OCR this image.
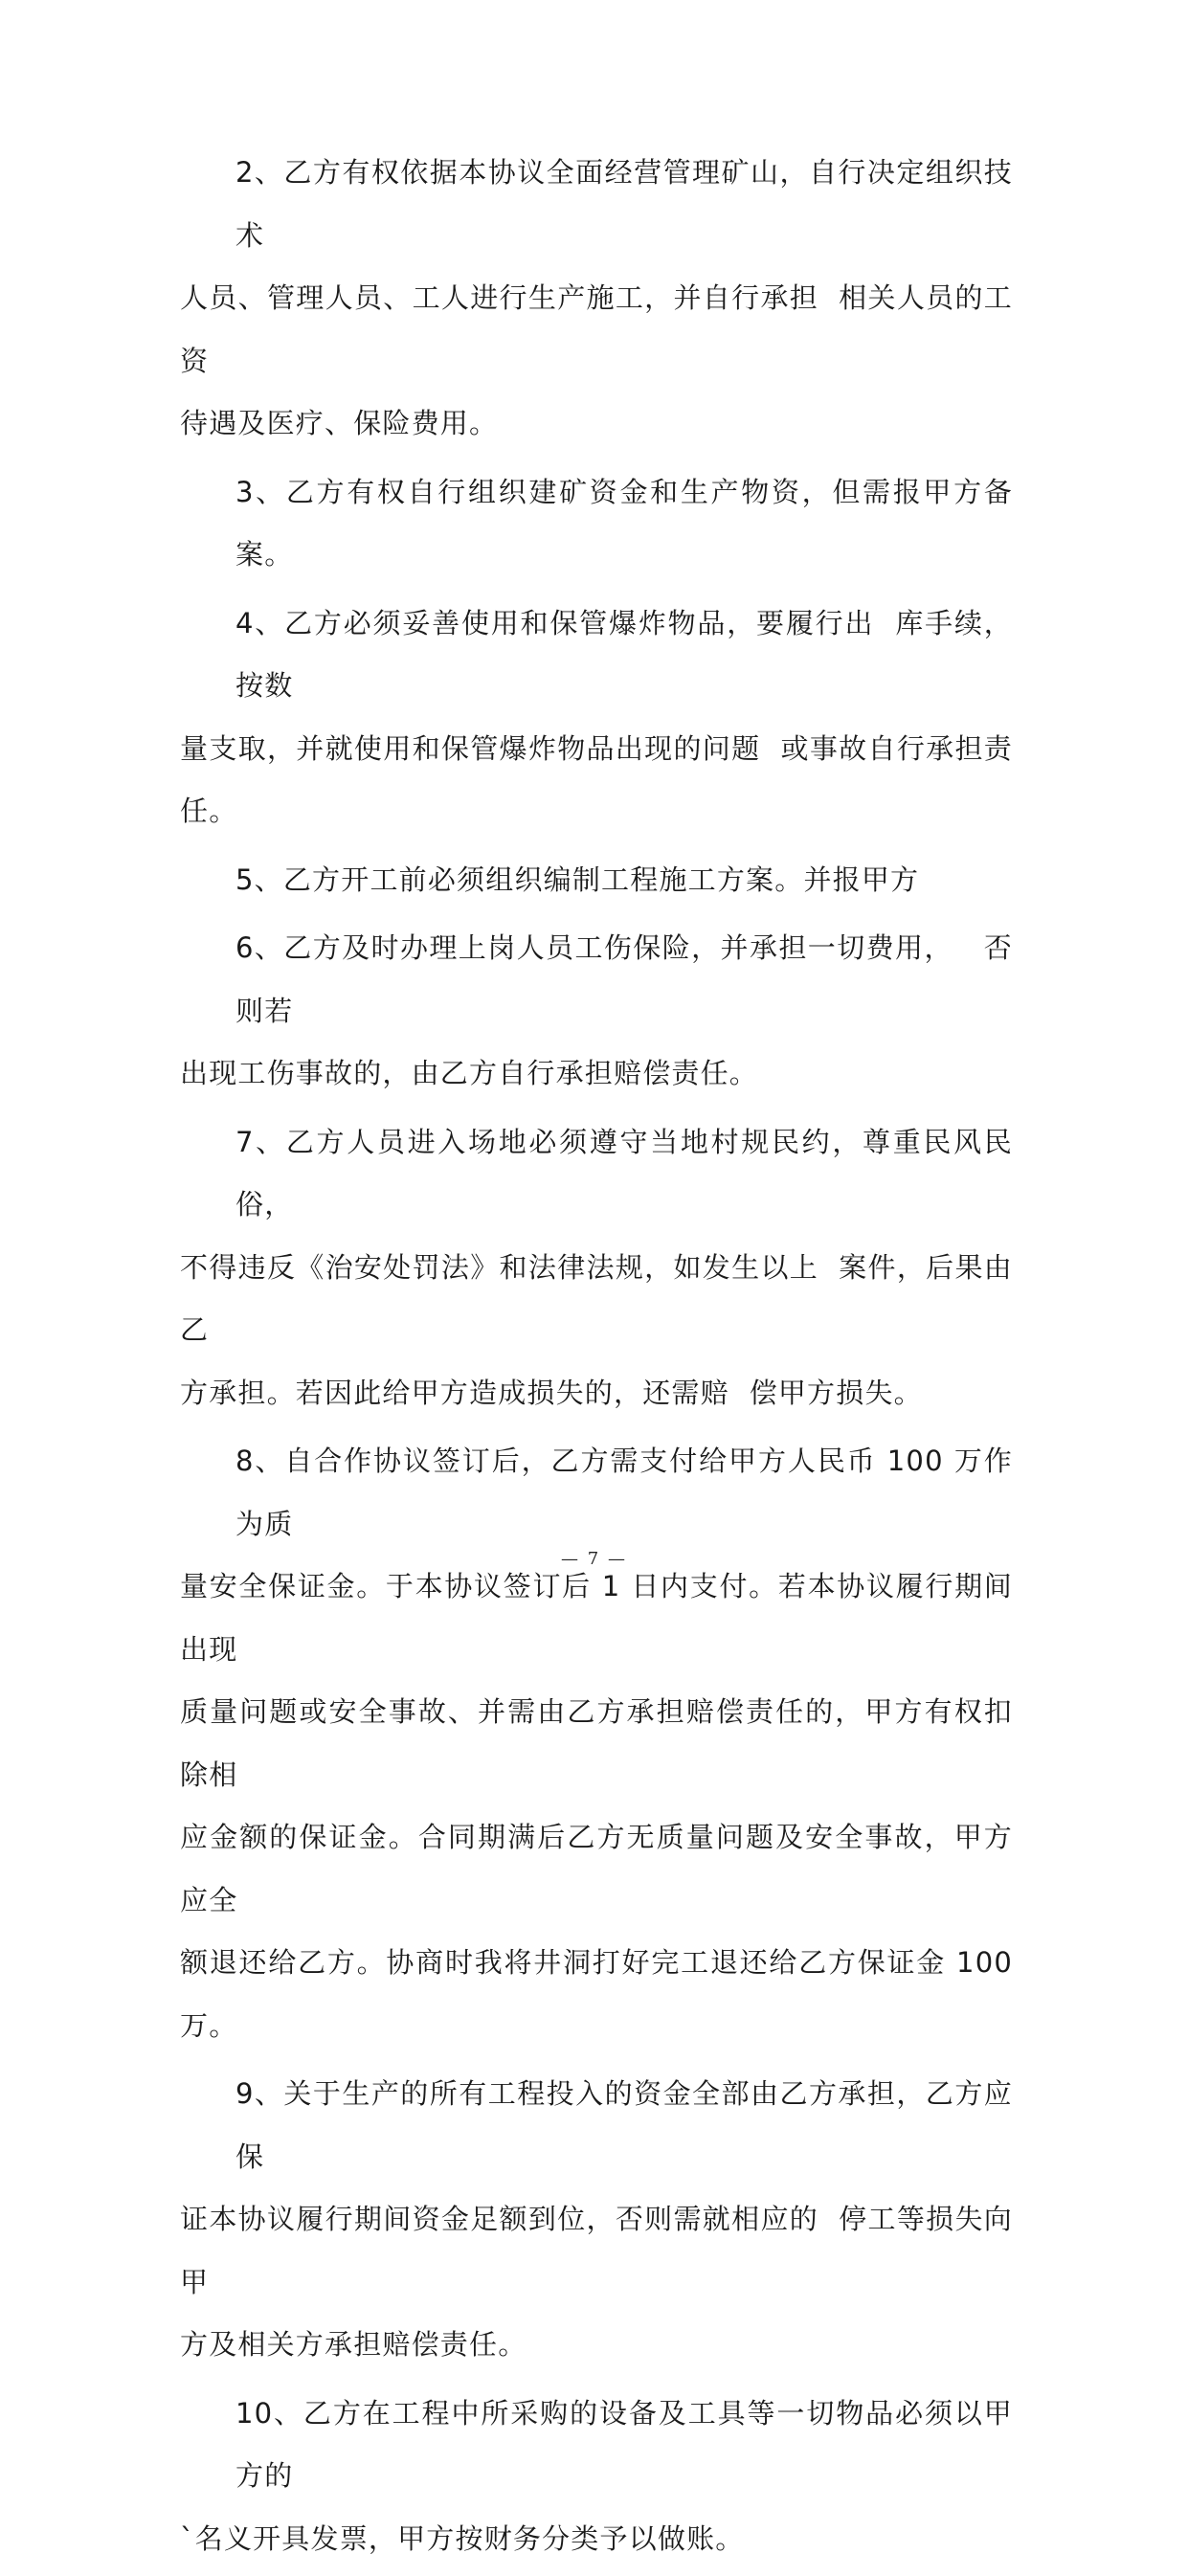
2、乙方有权依据本协议全面经营管理矿山，自行决定组织技术
人员、管理人员、工人进行生产施工，并自行承担  相关人员的工资
待遇及医疗、保险费用。
3、乙方有权自行组织建矿资金和生产物资，但需报甲方备案。
4、乙方必须妥善使用和保管爆炸物品，要履行出  库手续，按数
量支取，并就使用和保管爆炸物品出现的问题  或事故自行承担责任。
5、乙方开工前必须组织编制工程施工方案。并报甲方
6、乙方及时办理上岗人员工伤保险，并承担一切费用，   否则若
出现工伤事故的，由乙方自行承担赔偿责任。
7、乙方人员进入场地必须遵守当地村规民约，尊重民风民俗，
不得违反《治安处罚法》和法律法规，如发生以上  案件，后果由乙
方承担。若因此给甲方造成损失的，还需赔  偿甲方损失。
8、自合作协议签订后，乙方需支付给甲方人民币 100 万作为质
量安全保证金。于本协议签订后 1 日内支付。若本协议履行期间出现
质量问题或安全事故、并需由乙方承担赔偿责任的，甲方有权扣除相
应金额的保证金。合同期满后乙方无质量问题及安全事故，甲方应全
额退还给乙方。协商时我将井洞打好完工退还给乙方保证金 100 万。
9、关于生产的所有工程投入的资金全部由乙方承担，乙方应保
证本协议履行期间资金足额到位，否则需就相应的  停工等损失向甲
方及相关方承担赔偿责任。
10、乙方在工程中所采购的设备及工具等一切物品必须以甲方的
`名义开具发票，甲方按财务分类予以做账。
— 7 —
